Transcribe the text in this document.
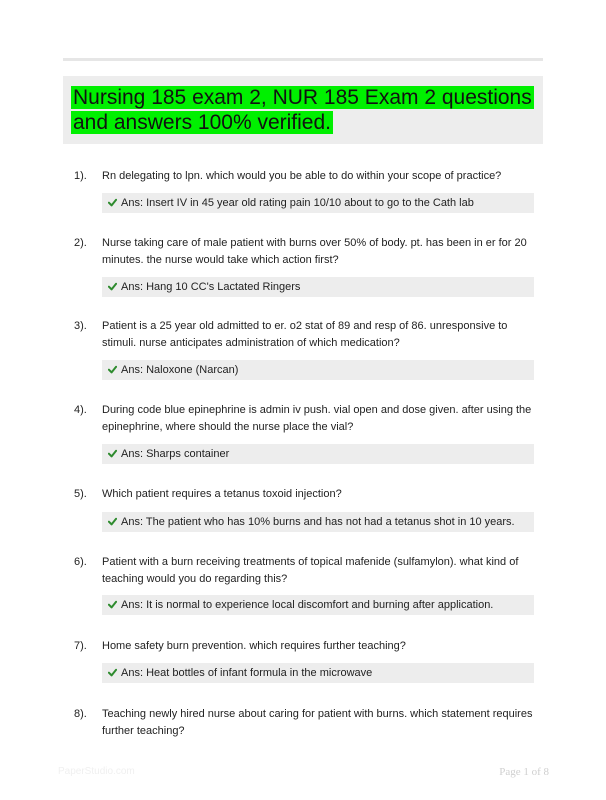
Nursing 185 exam 2, NUR 185 Exam 2 questions and answers 100% verified.
1). Rn delegating to lpn. which would you be able to do within your scope of practice?
Ans: Insert IV in 45 year old rating pain 10/10 about to go to the Cath lab
2). Nurse taking care of male patient with burns over 50% of body. pt. has been in er for 20 minutes. the nurse would take which action first?
Ans: Hang 10 CC's Lactated Ringers
3). Patient is a 25 year old admitted to er. o2 stat of 89 and resp of 86. unresponsive to stimuli. nurse anticipates administration of which medication?
Ans: Naloxone (Narcan)
4). During code blue epinephrine is admin iv push. vial open and dose given. after using the epinephrine, where should the nurse place the vial?
Ans: Sharps container
5). Which patient requires a tetanus toxoid injection?
Ans: The patient who has 10% burns and has not had a tetanus shot in 10 years.
6). Patient with a burn receiving treatments of topical mafenide (sulfamylon). what kind of teaching would you do regarding this?
Ans: It is normal to experience local discomfort and burning after application.
7). Home safety burn prevention. which requires further teaching?
Ans: Heat bottles of infant formula in the microwave
8). Teaching newly hired nurse about caring for patient with burns. which statement requires further teaching?
PaperStudio.com	Page 1 of 8
